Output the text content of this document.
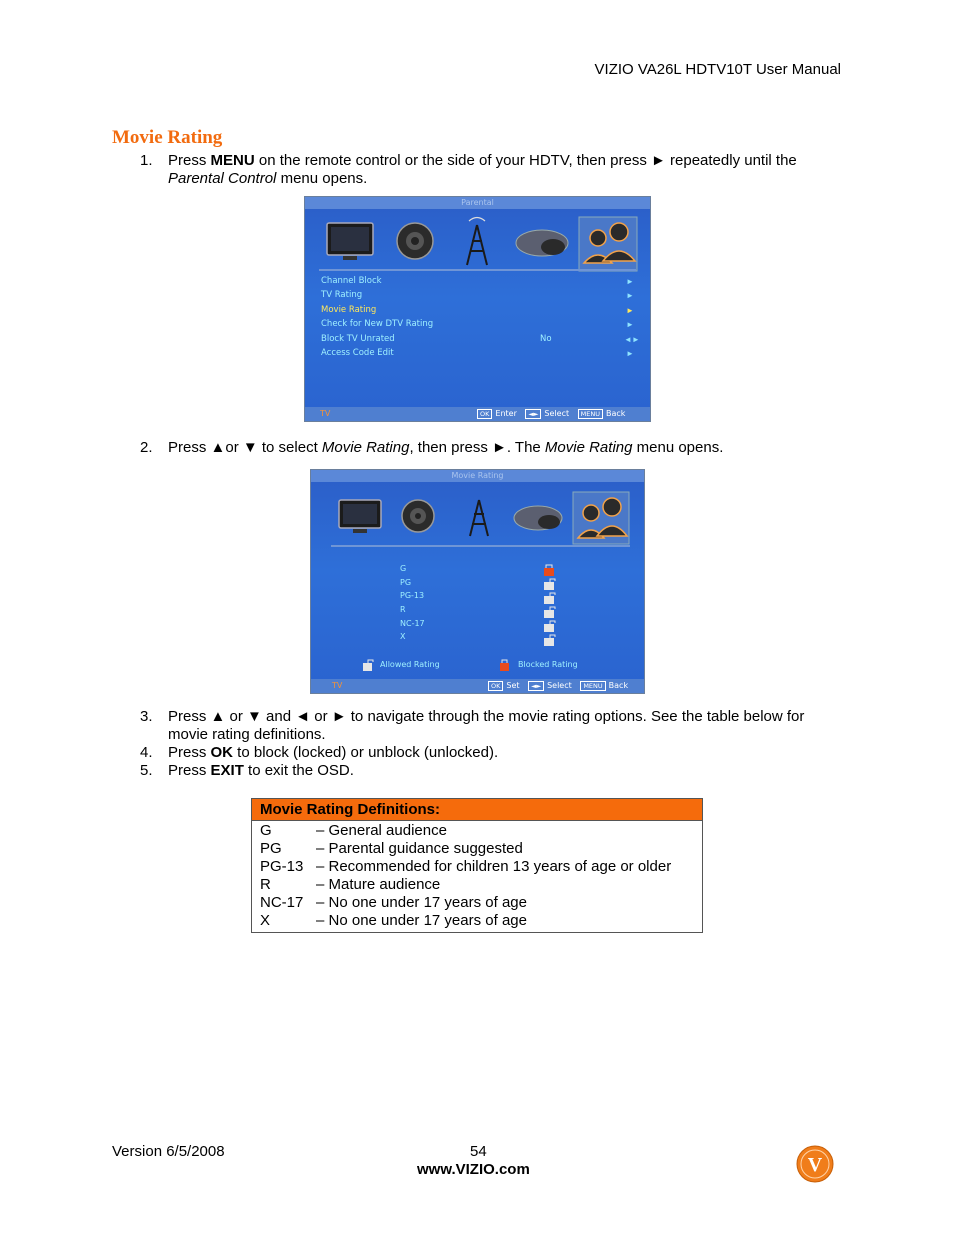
VIZIO VA26L HDTV10T User Manual
Movie Rating
1. Press MENU on the remote control or the side of your HDTV, then press ► repeatedly until the Parental Control menu opens.
Parental
Channel Block
TV Rating
Movie Rating
Check for New DTV Rating
Block TV Unrated	No
Access Code Edit
►
►
►
►
◄►
►
TV	OK Enter ◄► Select MENU Back
2. Press ▲or ▼ to select Movie Rating, then press ►. The Movie Rating menu opens.
Movie Rating
G
PG
PG-13
R
NC-17
X
Allowed Rating	Blocked Rating
TV	OK Set ◄► Select MENU Back
3. Press ▲ or ▼ and ◄ or ► to navigate through the movie rating options. See the table below for movie rating definitions.
4. Press OK to block (locked) or unblock (unlocked).
5. Press EXIT to exit the OSD.
Movie Rating Definitions:
G	– General audience
PG – Parental guidance suggested
PG-13 – Recommended for children 13 years of age or older
R	– Mature audience
NC-17 – No one under 17 years of age
X	– No one under 17 years of age
Version 6/5/2008	54
www.VIZIO.com	V
